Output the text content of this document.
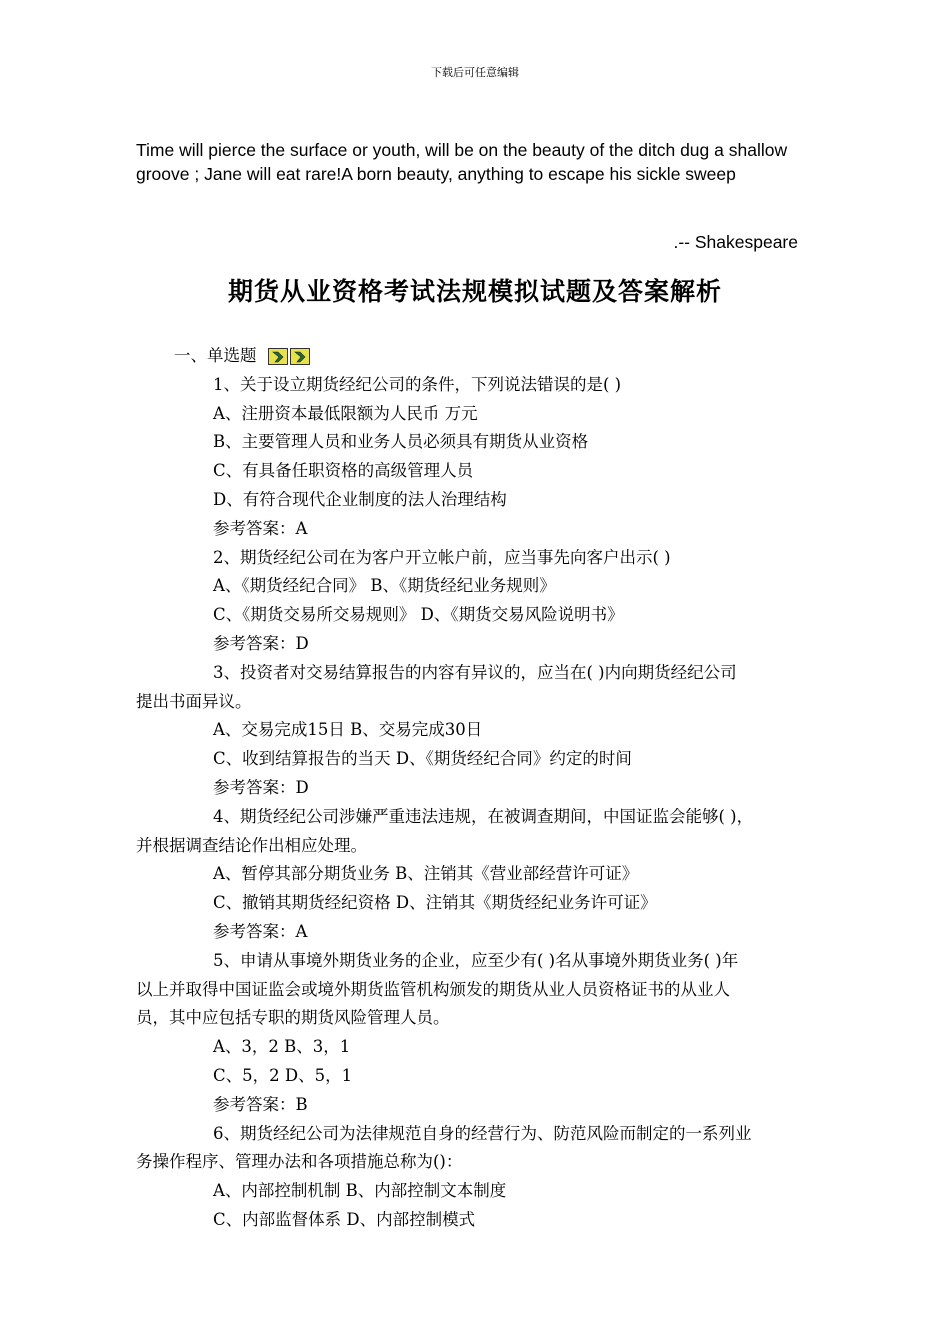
下载后可任意编辑
Time will pierce the surface or youth, will be on the beauty of the ditch dug a shallow groove ; Jane will eat rare!A born beauty, anything to escape his sickle sweep
.-- Shakespeare
期货从业资格考试法规模拟试题及答案解析
一、单选题
1、关于设立期货经纪公司的条件，下列说法错误的是( )
A、注册资本最低限额为人民币 万元
B、主要管理人员和业务人员必须具有期货从业资格
C、有具备任职资格的高级管理人员
D、有符合现代企业制度的法人治理结构
参考答案：A
2、期货经纪公司在为客户开立帐户前，应当事先向客户出示( )
A、《期货经纪合同》 B、《期货经纪业务规则》
C、《期货交易所交易规则》 D、《期货交易风险说明书》
参考答案：D
3、投资者对交易结算报告的内容有异议的，应当在( )内向期货经纪公司
提出书面异议。
A、交易完成15日 B、交易完成30日
C、收到结算报告的当天 D、《期货经纪合同》约定的时间
参考答案：D
4、期货经纪公司涉嫌严重违法违规，在被调查期间，中国证监会能够( )，
并根据调查结论作出相应处理。
A、暂停其部分期货业务 B、注销其《营业部经营许可证》
C、撤销其期货经纪资格 D、注销其《期货经纪业务许可证》
参考答案：A
5、申请从事境外期货业务的企业，应至少有( )名从事境外期货业务( )年
以上并取得中国证监会或境外期货监管机构颁发的期货从业人员资格证书的从业人
员，其中应包括专职的期货风险管理人员。
A、3，2 B、3，1
C、5，2 D、5，1
参考答案：B
6、期货经纪公司为法律规范自身的经营行为、防范风险而制定的一系列业
务操作程序、管理办法和各项措施总称为()：
A、内部控制机制 B、内部控制文本制度
C、内部监督体系 D、内部控制模式
